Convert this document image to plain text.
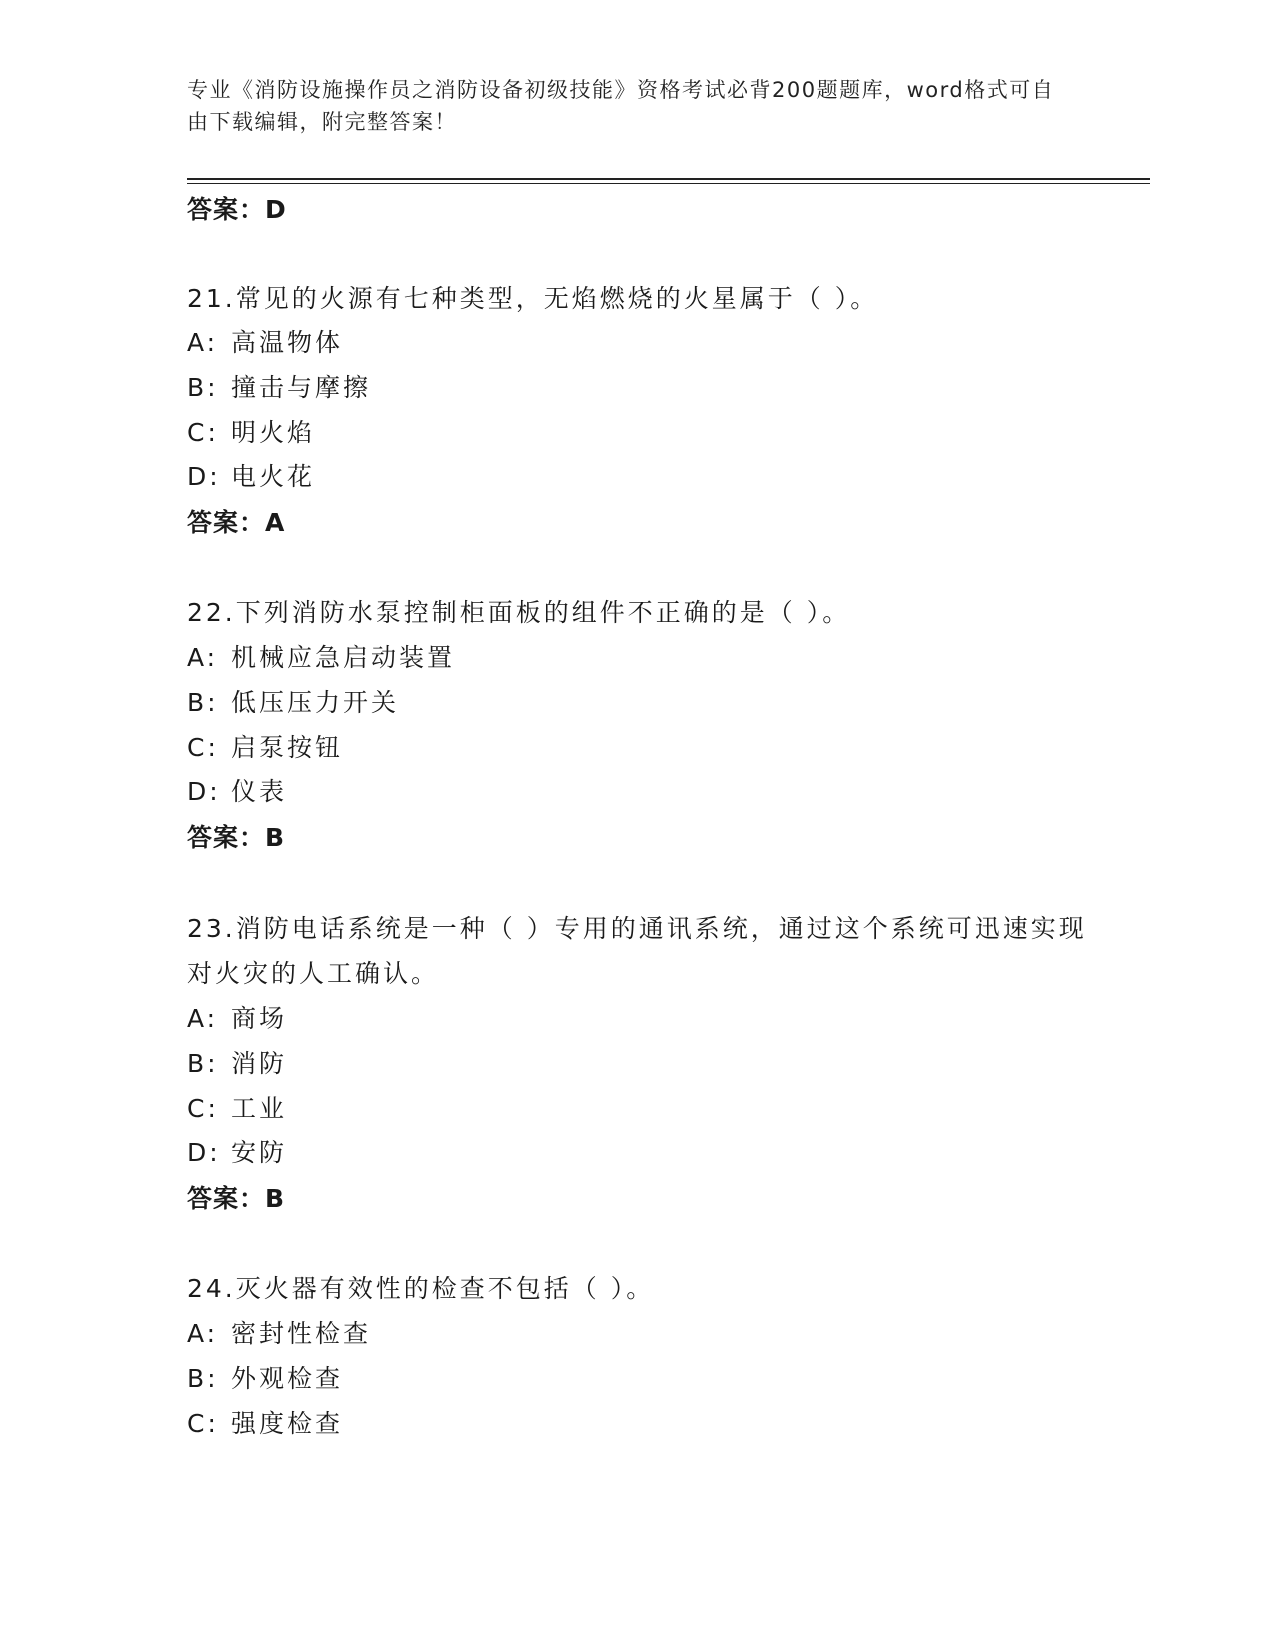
专业《消防设施操作员之消防设备初级技能》资格考试必背200题题库，word格式可自由下载编辑，附完整答案！
答案：D
21.常见的火源有七种类型，无焰燃烧的火星属于（ ）。
A: 高温物体
B: 撞击与摩擦
C: 明火焰
D: 电火花
答案：A
22.下列消防水泵控制柜面板的组件不正确的是（ ）。
A: 机械应急启动装置
B: 低压压力开关
C: 启泵按钮
D: 仪表
答案：B
23.消防电话系统是一种（ ）专用的通讯系统，通过这个系统可迅速实现对火灾的人工确认。
A: 商场
B: 消防
C: 工业
D: 安防
答案：B
24.灭火器有效性的检查不包括（ ）。
A: 密封性检查
B: 外观检查
C: 强度检查
